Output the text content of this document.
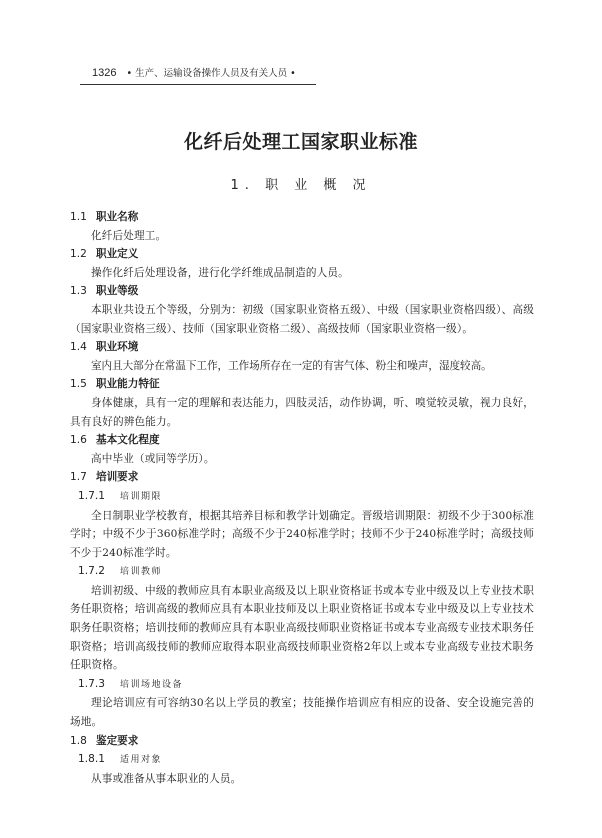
1326 • 生产、运输设备操作人员及有关人员 •
化纤后处理工国家职业标准
1. 职 业 概 况
1.1 职业名称
化纤后处理工。
1.2 职业定义
操作化纤后处理设备，进行化学纤维成品制造的人员。
1.3 职业等级
本职业共设五个等级，分别为：初级（国家职业资格五级）、中级（国家职业资格四级）、高级（国家职业资格三级）、技师（国家职业资格二级）、高级技师（国家职业资格一级）。
1.4 职业环境
室内且大部分在常温下工作，工作场所存在一定的有害气体、粉尘和噪声，湿度较高。
1.5 职业能力特征
身体健康，具有一定的理解和表达能力，四肢灵活，动作协调，听、嗅觉较灵敏，视力良好，具有良好的辨色能力。
1.6 基本文化程度
高中毕业（或同等学历）。
1.7 培训要求
1.7.1 培训期限
全日制职业学校教育，根据其培养目标和教学计划确定。晋级培训期限：初级不少于300标准学时；中级不少于360标准学时；高级不少于240标准学时；技师不少于240标准学时；高级技师不少于240标准学时。
1.7.2 培训教师
培训初级、中级的教师应具有本职业高级及以上职业资格证书或本专业中级及以上专业技术职务任职资格；培训高级的教师应具有本职业技师及以上职业资格证书或本专业中级及以上专业技术职务任职资格；培训技师的教师应具有本职业高级技师职业资格证书或本专业高级专业技术职务任职资格；培训高级技师的教师应取得本职业高级技师职业资格2年以上或本专业高级专业技术职务任职资格。
1.7.3 培训场地设备
理论培训应有可容纳30名以上学员的教室；技能操作培训应有相应的设备、安全设施完善的场地。
1.8 鉴定要求
1.8.1 适用对象
从事或准备从事本职业的人员。
